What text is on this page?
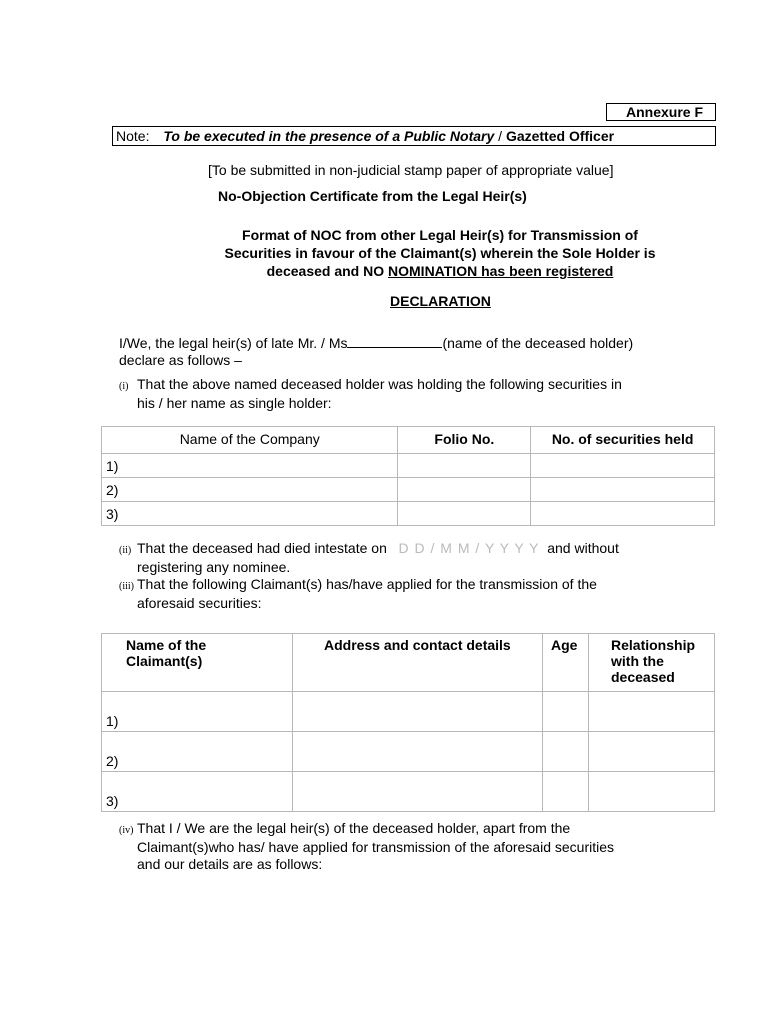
Annexure F
Note: To be executed in the presence of a Public Notary / Gazetted Officer
[To be submitted in non-judicial stamp paper of appropriate value]
No-Objection Certificate from the Legal Heir(s)
Format of NOC from other Legal Heir(s) for Transmission of
Securities in favour of the Claimant(s) wherein the Sole Holder is
deceased and NO NOMINATION has been registered
DECLARATION
I/We, the legal heir(s) of late Mr. / Ms	(name of the deceased holder)
declare as follows –
(i) That the above named deceased holder was holding the following securities in
his / her name as single holder:
Name of the Company	Folio No.	No. of securities held
1)		
2)		
3)		
(ii) That the deceased had died intestate on D D / M M / Y Y Y Y and without
registering any nominee.
(iii) That the following Claimant(s) has/have applied for the transmission of the
aforesaid securities:
Name of the Claimant(s)	Address and contact details	Age	Relationship with the deceased
1)			
2)			
3)			
(iv) That I / We are the legal heir(s) of the deceased holder, apart from the
Claimant(s)who has/ have applied for transmission of the aforesaid securities
and our details are as follows:
